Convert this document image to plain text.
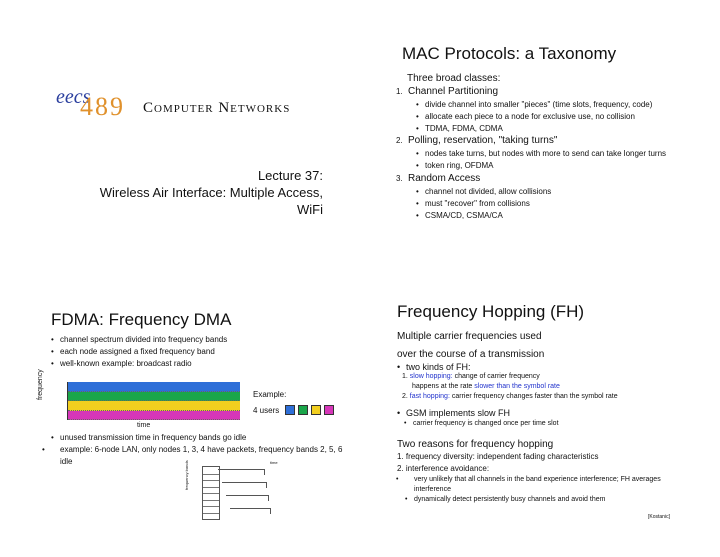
eecs
489 Computer Networks
Lecture 37:
Wireless Air Interface: Multiple Access,
WiFi
MAC Protocols: a Taxonomy
Three broad classes:
1. Channel Partitioning
• divide channel into smaller "pieces" (time slots, frequency, code)
• allocate each piece to a node for exclusive use, no collision
• TDMA, FDMA, CDMA
2. Polling, reservation, "taking turns"
• nodes take turns, but nodes with more to send can take longer turns
• token ring, OFDMA
3. Random Access
• channel not divided, allow collisions
• must "recover" from collisions
• CSMA/CD, CSMA/CA
FDMA: Frequency DMA
• channel spectrum divided into frequency bands
• each node assigned a fixed frequency band
• well-known example: broadcast radio
frequency
time
Example:
4 users
• unused transmission time in frequency bands go idle
• example: 6-node LAN, only nodes 1, 3, 4 have packets, frequency bands 2, 5, 6 idle	frequency bands	time
Frequency Hopping (FH)
Multiple carrier frequencies used
over the course of a transmission
• two kinds of FH:
1. slow hopping: change of carrier frequency
happens at the rate slower than the symbol rate
2. fast hopping: carrier frequency changes faster than the symbol rate
• GSM implements slow FH
• carrier frequency is changed once per time slot
Two reasons for frequency hopping
1. frequency diversity: independent fading characteristics
2. interference avoidance:
• very unlikely that all channels in the band experience interference; FH averages interference
• dynamically detect persistently busy channels and avoid them
[Kostanic]
